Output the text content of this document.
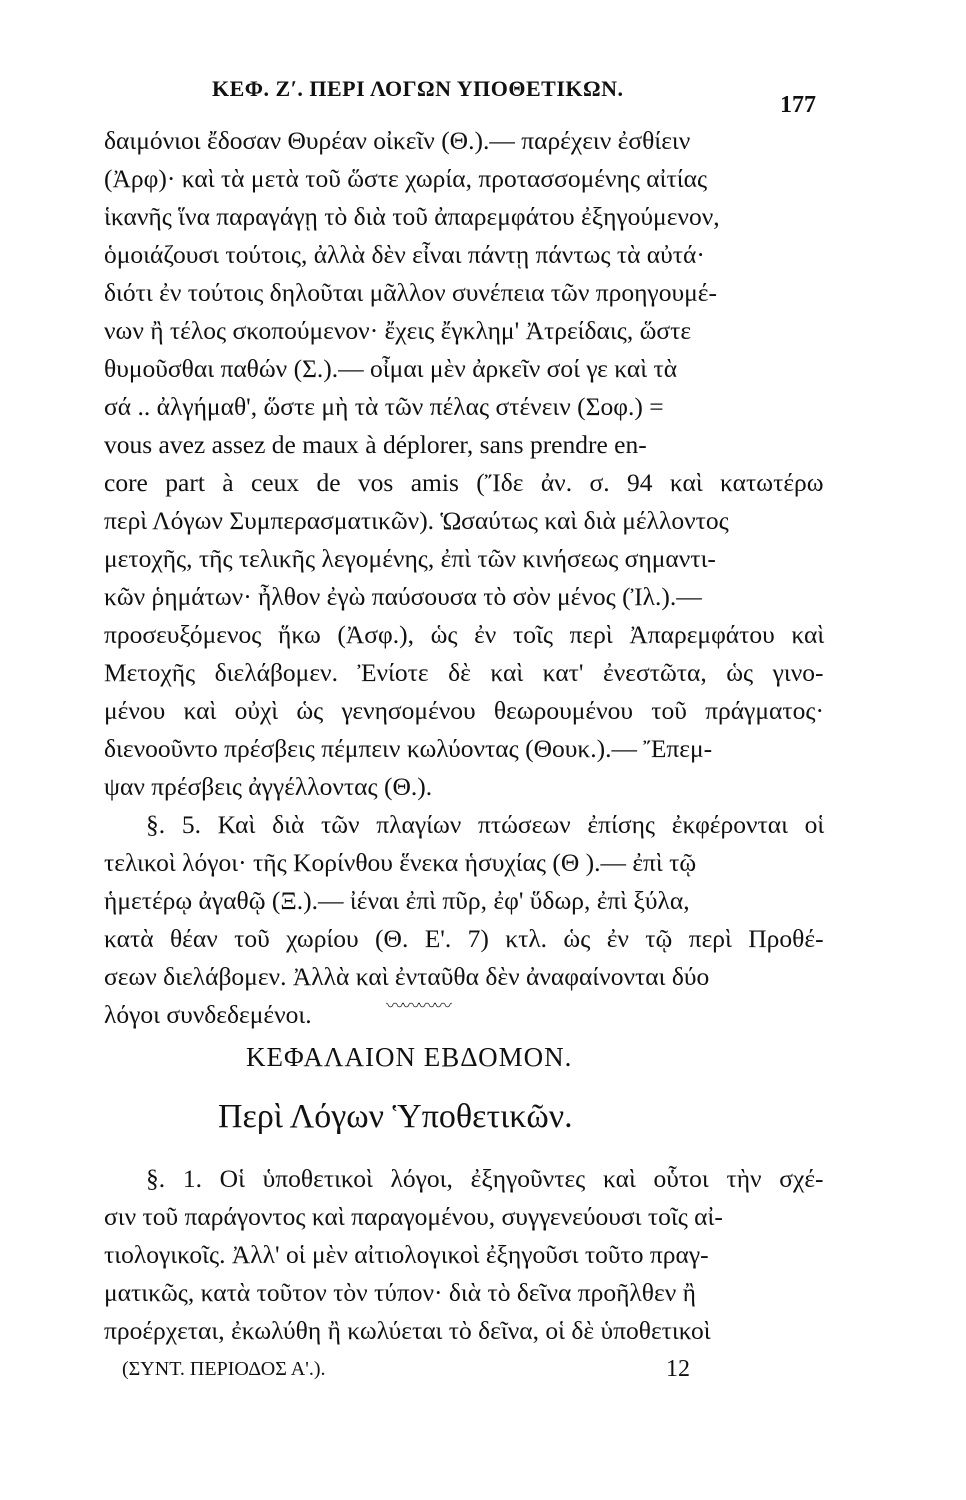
ΚΕΦ. Ζʹ. ΠΕΡΙ ΛΟΓΩΝ ΥΠΟΘΕΤΙΚΩΝ.
177
δαιμόνιοι ἔδοσαν Θυρέαν οἰκεῖν (Θ.).— παρέχειν ἐσθίειν
(Ἀρφ)· καὶ τὰ μετὰ τοῦ ὥστε χωρία, προτασσομένης αἰτίας
ἱκανῆς ἵνα παραγάγῃ τὸ διὰ τοῦ ἀπαρεμφάτου ἐξηγούμενον,
ὁμοιάζουσι τούτοις, ἀλλὰ δὲν εἶναι πάντῃ πάντως τὰ αὐτά·
διότι ἐν τούτοις δηλοῦται μᾶλλον συνέπεια τῶν προηγουμέ-
νων ἢ τέλος σκοπούμενον· ἔχεις ἔγκλημ' Ἀτρείδαις, ὥστε
θυμοῦσθαι παθών (Σ.).— οἶμαι μὲν ἀρκεῖν σοί γε καὶ τὰ
σά .. ἀλγήμαθ', ὥστε μὴ τὰ τῶν πέλας στένειν (Σοφ.) =
vous avez assez de maux à déplorer, sans prendre en-
core part à ceux de vos amis (Ἴδε ἀν. σ. 94 καὶ κατωτέρω
περὶ Λόγων Συμπερασματικῶν). Ὡσαύτως καὶ διὰ μέλλοντος
μετοχῆς, τῆς τελικῆς λεγομένης, ἐπὶ τῶν κινήσεως σημαντι-
κῶν ῥημάτων· ἦλθον ἐγὼ παύσουσα τὸ σὸν μένος (Ἰλ.).—
προσευξόμενος ἥκω (Ἀσφ.), ὡς ἐν τοῖς περὶ Ἀπαρεμφάτου καὶ
Μετοχῆς διελάβομεν. Ἐνίοτε δὲ καὶ κατ' ἐνεστῶτα, ὡς γινο-
μένου καὶ οὐχὶ ὡς γενησομένου θεωρουμένου τοῦ πράγματος·
διενοοῦντο πρέσβεις πέμπειν κωλύοντας (Θουκ.).— Ἔπεμ-
ψαν πρέσβεις ἀγγέλλοντας (Θ.).
§. 5. Καὶ διὰ τῶν πλαγίων πτώσεων ἐπίσης ἐκφέρονται οἱ
τελικοὶ λόγοι· τῆς Κορίνθου ἕνεκα ἡσυχίας (Θ ).— ἐπὶ τῷ
ἡμετέρῳ ἀγαθῷ (Ξ.).— ἰέναι ἐπὶ πῦρ, ἐφ' ὕδωρ, ἐπὶ ξύλα,
κατὰ θέαν τοῦ χωρίου (Θ. Ε'. 7) κτλ. ὡς ἐν τῷ περὶ Προθέ-
σεων διελάβομεν. Ἀλλὰ καὶ ἐνταῦθα δὲν ἀναφαίνονται δύο
λόγοι συνδεδεμένοι.	〰〰〰〰
ΚΕΦΑΛΑΙΟΝ ΕΒΔΟΜΟΝ.
Περὶ Λόγων Ὑποθετικῶν.
§. 1. Οἱ ὑποθετικοὶ λόγοι, ἐξηγοῦντες καὶ οὗτοι τὴν σχέ-
σιν τοῦ παράγοντος καὶ παραγομένου, συγγενεύουσι τοῖς αἰ-
τιολογικοῖς. Ἀλλ' οἱ μὲν αἰτιολογικοὶ ἐξηγοῦσι τοῦτο πραγ-
ματικῶς, κατὰ τοῦτον τὸν τύπον· διὰ τὸ δεῖνα προῆλθεν ἢ
προέρχεται, ἐκωλύθη ἢ κωλύεται τὸ δεῖνα, οἱ δὲ ὑποθετικοὶ
(ΣΥΝΤ. ΠΕΡΙΟΔΟΣ Α'.).	12
